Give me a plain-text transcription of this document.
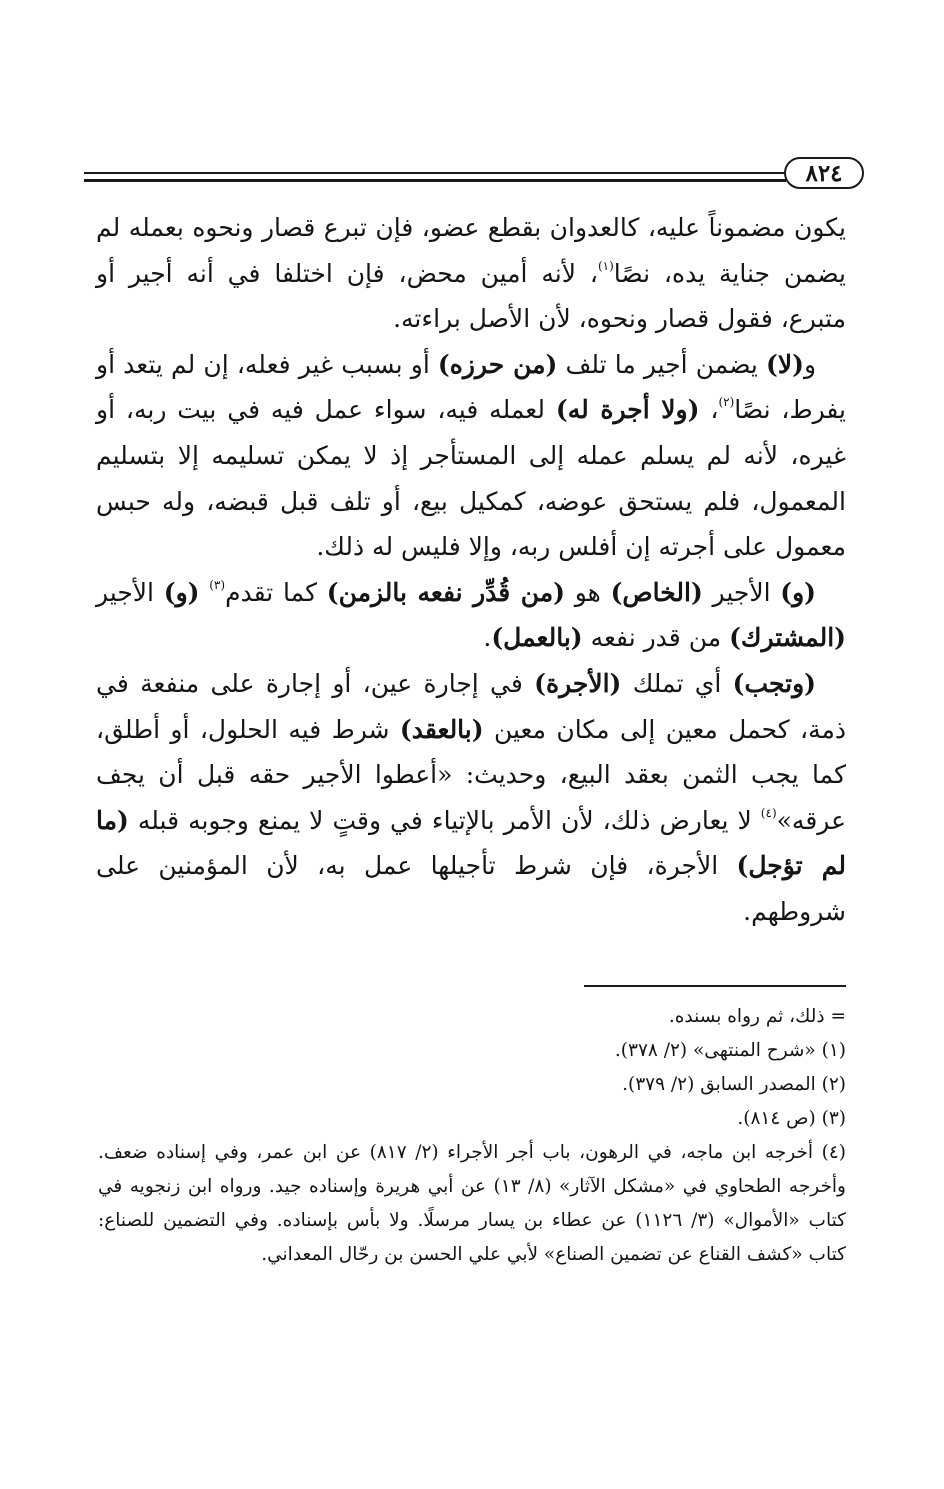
٨٢٤

يكون مضموناً عليه، كالعدوان بقطع عضو، فإن تبرع قصار ونحوه بعمله لم يضمن جناية يده، نصًا$^{(١)}$، لأنه أمين محض، فإن اختلفا في أنه أجير أو متبرع، فقول قصار ونحوه، لأن الأصل براءته.

و(لا) يضمن أجير ما تلف (من حرزه) أو بسبب غير فعله، إن لم يتعد أو يفرط، نصًا$^{(٢)}$، (ولا أجرة له) لعمله فيه، سواء عمل فيه في بيت ربه، أو غيره، لأنه لم يسلم عمله إلى المستأجر إذ لا يمكن تسليمه إلا بتسليم المعمول، فلم يستحق عوضه، كمكيل بيع، أو تلف قبل قبضه، وله حبس معمول على أجرته إن أفلس ربه، وإلا فليس له ذلك.

(و) الأجير (الخاص) هو (من قُدِّر نفعه بالزمن) كما تقدم$^{(٣)}$ (و) الأجير (المشترك) من قدر نفعه (بالعمل).

(وتجب) أي تملك (الأجرة) في إجارة عين، أو إجارة على منفعة في ذمة، كحمل معين إلى مكان معين (بالعقد) شرط فيه الحلول، أو أطلق، كما يجب الثمن بعقد البيع، وحديث: «أعطوا الأجير حقه قبل أن يجف عرقه»$^{(٤)}$ لا يعارض ذلك، لأن الأمر بالإتياء في وقتٍ لا يمنع وجوبه قبله (ما لم تؤجل) الأجرة، فإن شرط تأجيلها عمل به، لأن المؤمنين على شروطهم.

= ذلك، ثم رواه بسنده.

(١) «شرح المنتهى» (٢/ ٣٧٨).

(٢) المصدر السابق (٢/ ٣٧٩).

(٣) (ص ٨١٤).

(٤) أخرجه ابن ماجه، في الرهون، باب أجر الأجراء (٢/ ٨١٧) عن ابن عمر، وفي إسناده ضعف. وأخرجه الطحاوي في «مشكل الآثار» (٨/ ١٣) عن أبي هريرة وإسناده جيد. ورواه ابن زنجويه في كتاب «الأموال» (٣/ ١١٢٦) عن عطاء بن يسار مرسلًا. ولا بأس بإسناده. وفي التضمين للصناع: كتاب «كشف القناع عن تضمين الصناع» لأبي علي الحسن بن رحّال المعداني.
